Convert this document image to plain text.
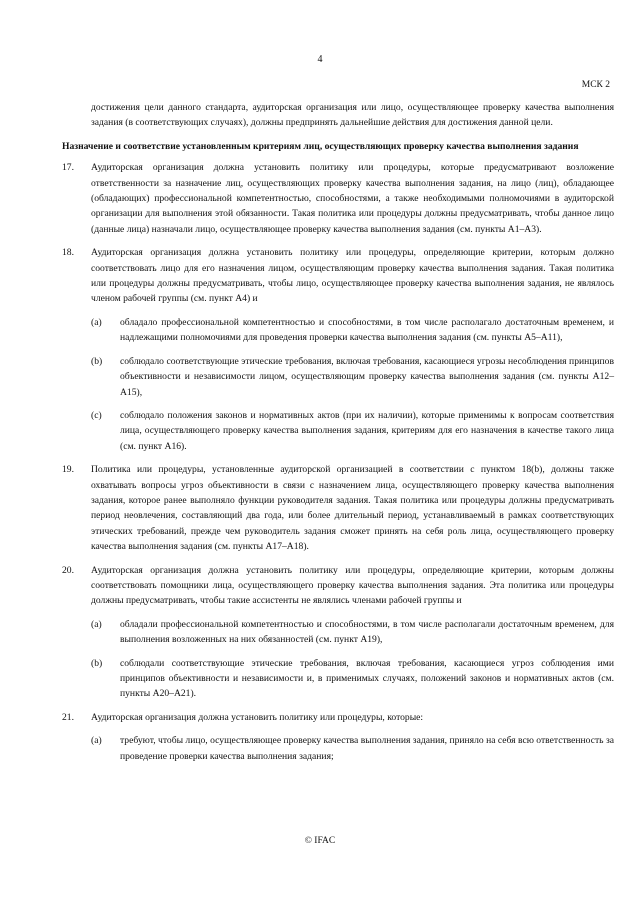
4
МСК 2

достижения цели данного стандарта, аудиторская организация или лицо, осуществляющее проверку качества выполнения задания (в соответствующих случаях), должны предпринять дальнейшие действия для достижения данной цели.

Назначение и соответствие установленным критериям лиц, осуществляющих проверку качества выполнения задания

17. Аудиторская организация должна установить политику или процедуры, которые предусматривают возложение ответственности за назначение лиц, осуществляющих проверку качества выполнения задания, на лицо (лиц), обладающее (обладающих) профессиональной компетентностью, способностями, а также необходимыми полномочиями в аудиторской организации для выполнения этой обязанности. Такая политика или процедуры должны предусматривать, чтобы данное лицо (данные лица) назначали лицо, осуществляющее проверку качества выполнения задания (см. пункты А1–А3).
18. Аудиторская организация должна установить политику или процедуры, определяющие критерии, которым должно соответствовать лицо для его назначения лицом, осуществляющим проверку качества выполнения задания. Такая политика или процедуры должны предусматривать, чтобы лицо, осуществляющее проверку качества выполнения задания, не являлось членом рабочей группы (см. пункт А4) и
(a) обладало профессиональной компетентностью и способностями, в том числе располагало достаточным временем, и надлежащими полномочиями для проведения проверки качества выполнения задания (см. пункты А5–А11),
(b) соблюдало соответствующие этические требования, включая требования, касающиеся угрозы несоблюдения принципов объективности и независимости лицом, осуществляющим проверку качества выполнения задания (см. пункты А12–А15),
(c) соблюдало положения законов и нормативных актов (при их наличии), которые применимы к вопросам соответствия лица, осуществляющего проверку качества выполнения задания, критериям для его назначения в качестве такого лица (см. пункт А16).
19. Политика или процедуры, установленные аудиторской организацией в соответствии с пунктом 18(b), должны также охватывать вопросы угроз объективности в связи с назначением лица, осуществляющего проверку качества выполнения задания, которое ранее выполняло функции руководителя задания. Такая политика или процедуры должны предусматривать период неовлечения, составляющий два года, или более длительный период, устанавливаемый в рамках соответствующих этических требований, прежде чем руководитель задания сможет принять на себя роль лица, осуществляющего проверку качества выполнения задания (см. пункты А17–А18).
20. Аудиторская организация должна установить политику или процедуры, определяющие критерии, которым должны соответствовать помощники лица, осуществляющего проверку качества выполнения задания. Эта политика или процедуры должны предусматривать, чтобы такие ассистенты не являлись членами рабочей группы и
(a) обладали профессиональной компетентностью и способностями, в том числе располагали достаточным временем, для выполнения возложенных на них обязанностей (см. пункт А19),
(b) соблюдали соответствующие этические требования, включая требования, касающиеся угроз соблюдения ими принципов объективности и независимости и, в применимых случаях, положений законов и нормативных актов (см. пункты А20–А21).
21. Аудиторская организация должна установить политику или процедуры, которые:
(a) требуют, чтобы лицо, осуществляющее проверку качества выполнения задания, приняло на себя всю ответственность за проведение проверки качества выполнения задания;
© IFAC
